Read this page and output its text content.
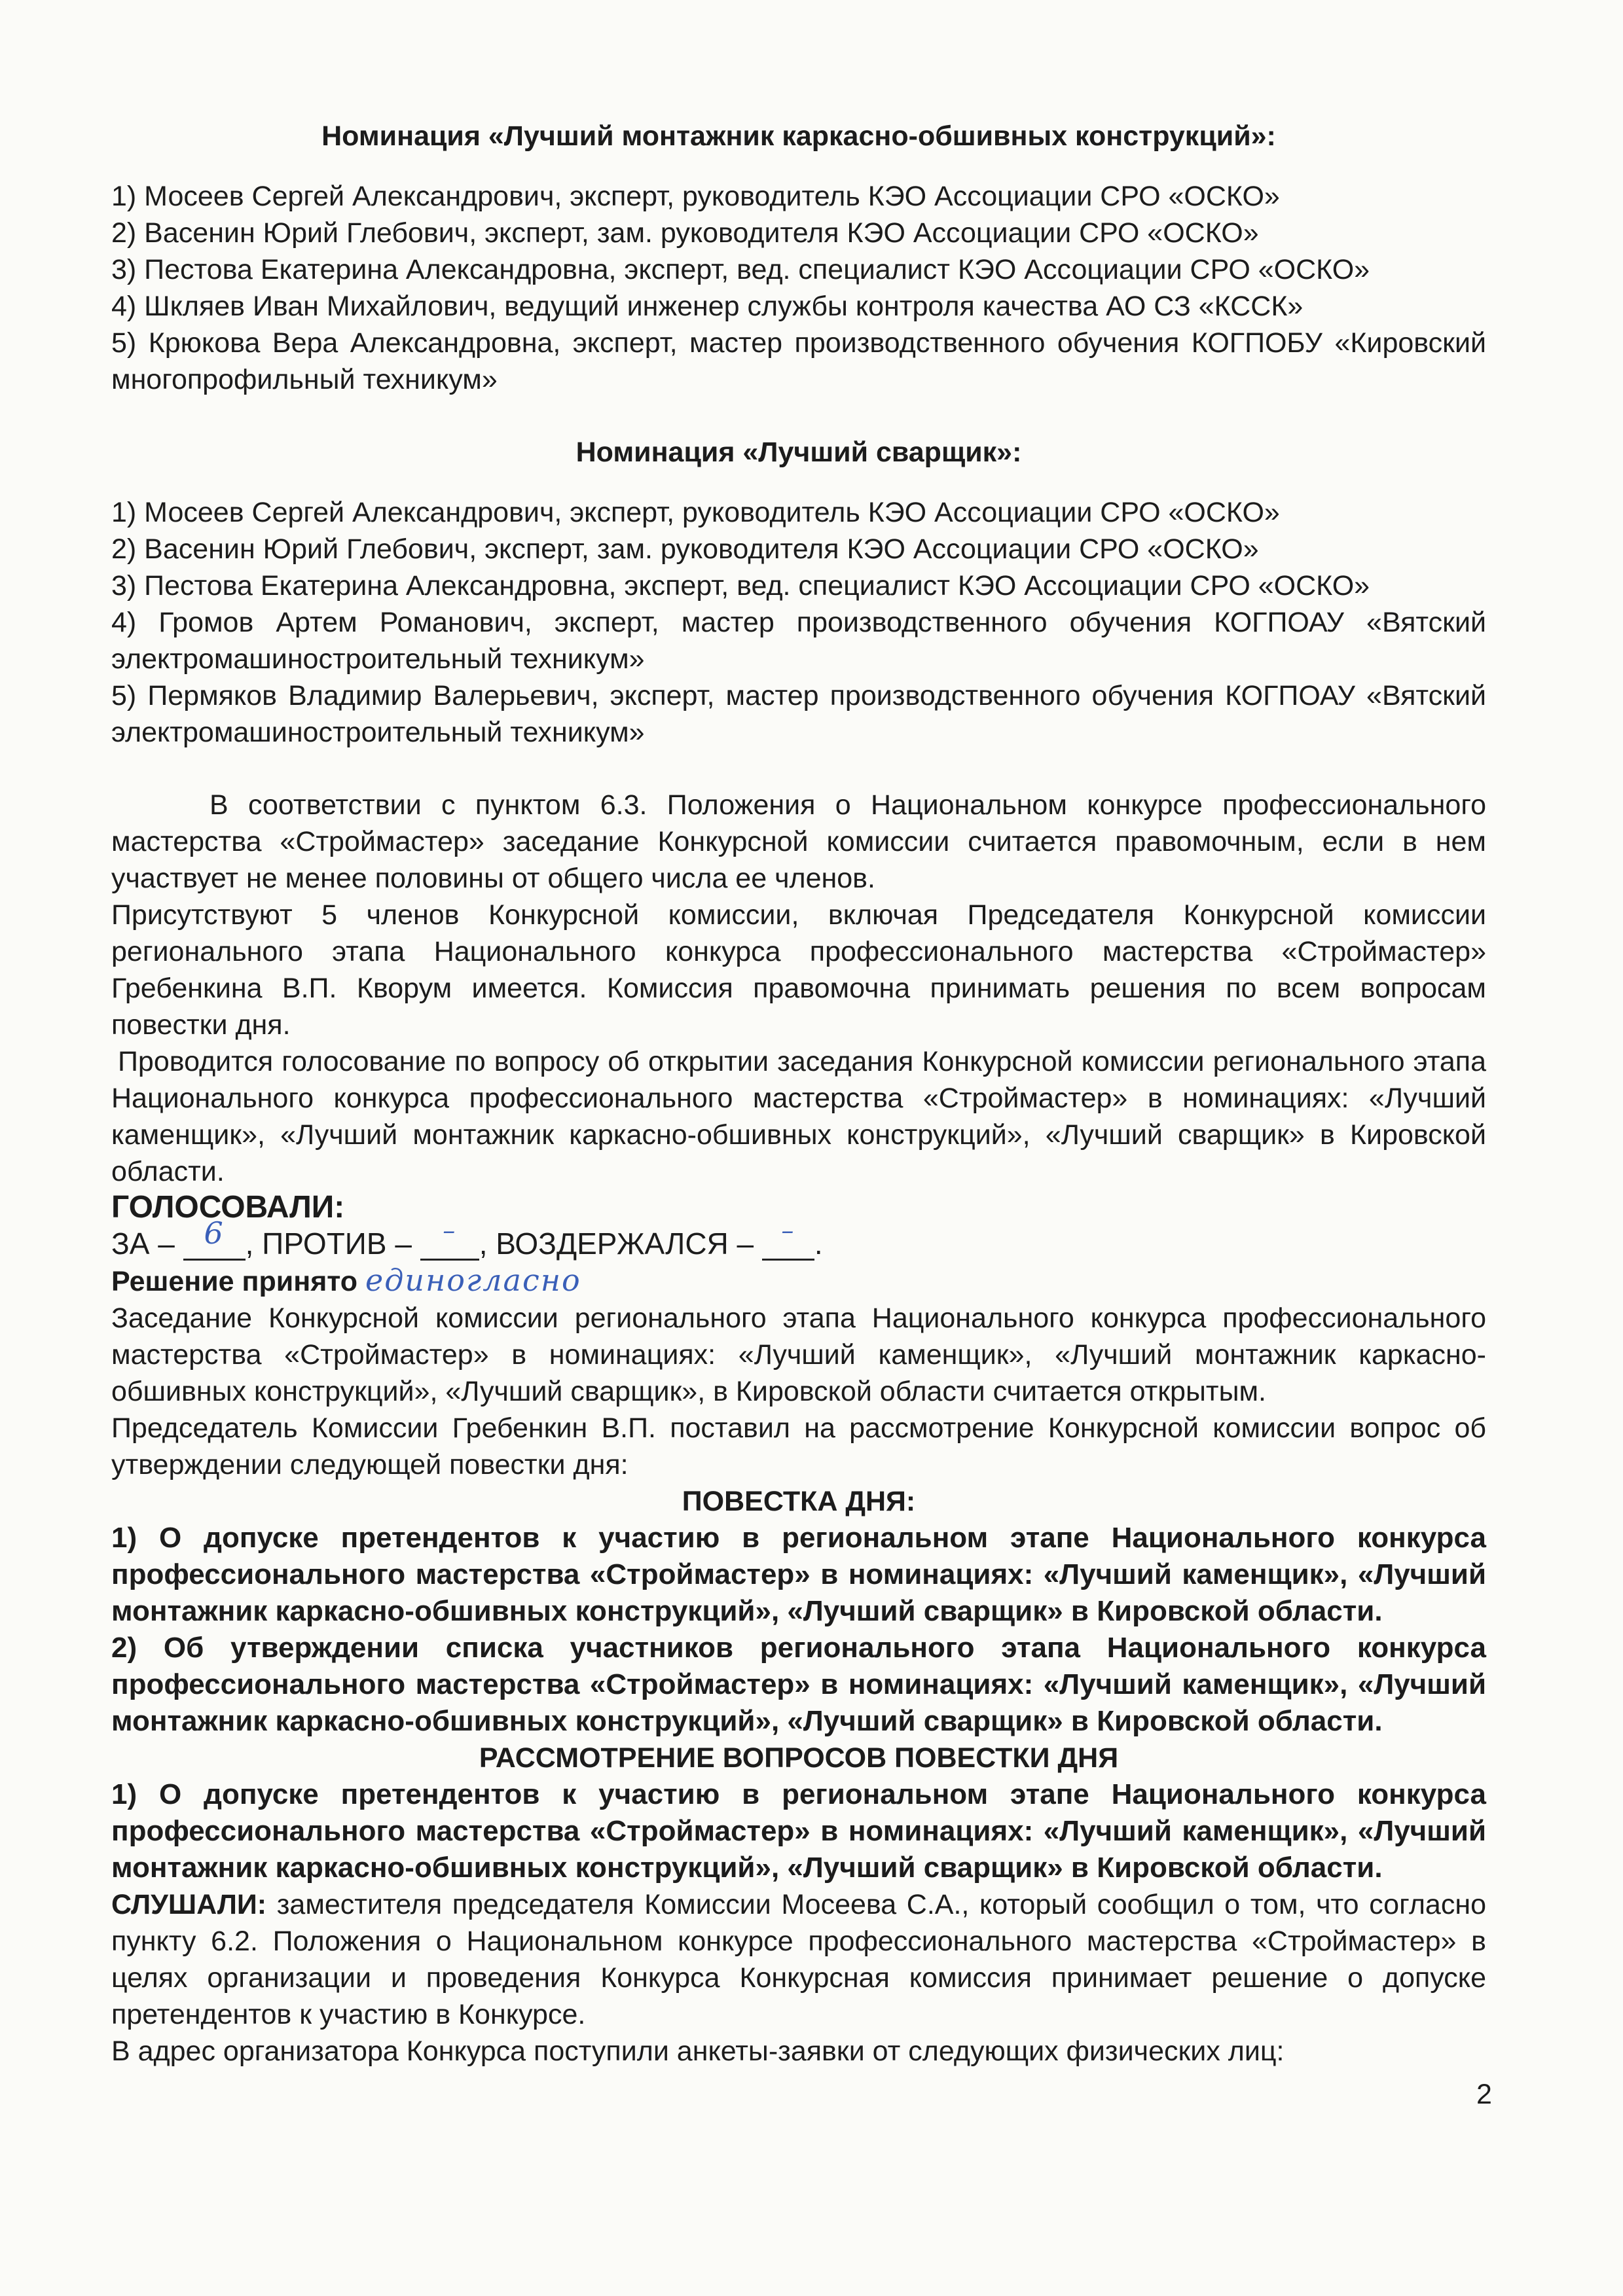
Номинация «Лучший монтажник каркасно-обшивных конструкций»:

1) Мосеев Сергей Александрович, эксперт, руководитель КЭО Ассоциации СРО «ОСКО»

2) Васенин Юрий Глебович, эксперт, зам. руководителя КЭО Ассоциации СРО «ОСКО»

3) Пестова Екатерина Александровна, эксперт, вед. специалист КЭО Ассоциации СРО «ОСКО»

4) Шкляев Иван Михайлович, ведущий инженер службы контроля качества АО СЗ «КССК»

5) Крюкова Вера Александровна, эксперт, мастер производственного обучения КОГПОБУ «Кировский многопрофильный техникум»

Номинация «Лучший сварщик»:

1) Мосеев Сергей Александрович, эксперт, руководитель КЭО Ассоциации СРО «ОСКО»

2) Васенин Юрий Глебович, эксперт, зам. руководителя КЭО Ассоциации СРО «ОСКО»

3) Пестова Екатерина Александровна, эксперт, вед. специалист КЭО Ассоциации СРО «ОСКО»

4) Громов Артем Романович, эксперт, мастер производственного обучения КОГПОАУ «Вятский электромашиностроительный техникум»

5) Пермяков Владимир Валерьевич, эксперт, мастер производственного обучения КОГПОАУ «Вятский электромашиностроительный техникум»

В соответствии с пунктом 6.3. Положения о Национальном конкурсе профессионального мастерства «Строймастер» заседание Конкурсной комиссии считается правомочным, если в нем участвует не менее половины от общего числа ее членов.

Присутствуют 5 членов Конкурсной комиссии, включая Председателя Конкурсной комиссии регионального этапа Национального конкурса профессионального мастерства «Строймастер» Гребенкина В.П. Кворум имеется. Комиссия правомочна принимать решения по всем вопросам повестки дня.

Проводится голосование по вопросу об открытии заседания Конкурсной комиссии регионального этапа Национального конкурса профессионального мастерства «Строймастер» в номинациях: «Лучший каменщик», «Лучший монтажник каркасно-обшивных конструкций», «Лучший сварщик» в Кировской области.

ГОЛОСОВАЛИ:

ЗА – 6 , ПРОТИВ –	– , ВОЗДЕРЖАЛСЯ –	– .

Решение принято единогласно

Заседание Конкурсной комиссии регионального этапа Национального конкурса профессионального мастерства «Строймастер» в номинациях: «Лучший каменщик», «Лучший монтажник каркасно-обшивных конструкций», «Лучший сварщик», в Кировской области считается открытым.

Председатель Комиссии Гребенкин В.П. поставил на рассмотрение Конкурсной комиссии вопрос об утверждении следующей повестки дня:

ПОВЕСТКА ДНЯ:

1) О допуске претендентов к участию в региональном этапе Национального конкурса профессионального мастерства «Строймастер» в номинациях: «Лучший каменщик», «Лучший монтажник каркасно-обшивных конструкций», «Лучший сварщик» в Кировской области.

2) Об утверждении списка участников регионального этапа Национального конкурса профессионального мастерства «Строймастер» в номинациях: «Лучший каменщик», «Лучший монтажник каркасно-обшивных конструкций», «Лучший сварщик» в Кировской области.

РАССМОТРЕНИЕ ВОПРОСОВ ПОВЕСТКИ ДНЯ

1) О допуске претендентов к участию в региональном этапе Национального конкурса профессионального мастерства «Строймастер» в номинациях: «Лучший каменщик», «Лучший монтажник каркасно-обшивных конструкций», «Лучший сварщик» в Кировской области.

СЛУШАЛИ: заместителя председателя Комиссии Мосеева С.А., который сообщил о том, что согласно пункту 6.2. Положения о Национальном конкурсе профессионального мастерства «Строймастер» в целях организации и проведения Конкурса Конкурсная комиссия принимает решение о допуске претендентов к участию в Конкурсе.

В адрес организатора Конкурса поступили анкеты-заявки от следующих физических лиц:

2
